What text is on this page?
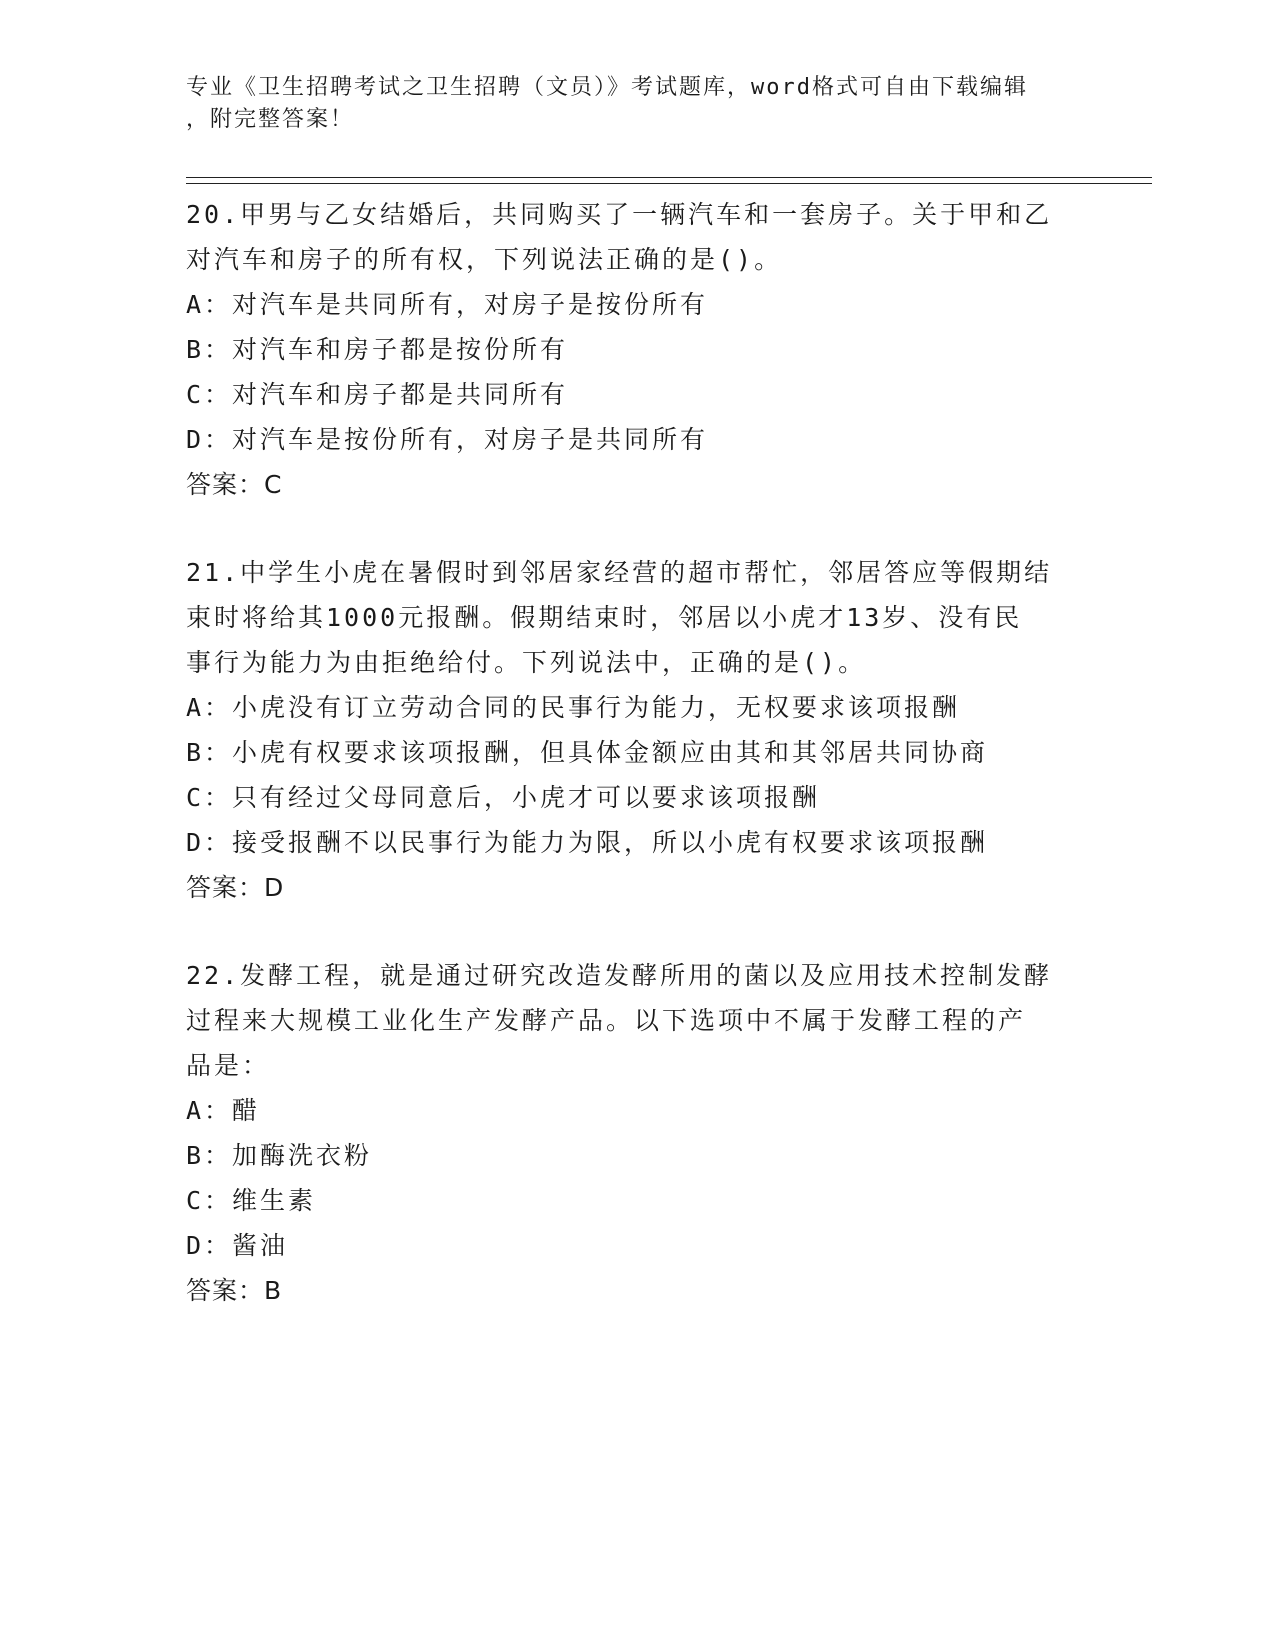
专业《卫生招聘考试之卫生招聘（文员）》考试题库，word格式可自由下载编辑
，附完整答案！

20.甲男与乙女结婚后，共同购买了一辆汽车和一套房子。关于甲和乙

对汽车和房子的所有权，下列说法正确的是()。

A：对汽车是共同所有，对房子是按份所有

B：对汽车和房子都是按份所有

C：对汽车和房子都是共同所有

D：对汽车是按份所有，对房子是共同所有

答案：C

21.中学生小虎在暑假时到邻居家经营的超市帮忙，邻居答应等假期结

束时将给其1000元报酬。假期结束时，邻居以小虎才13岁、没有民

事行为能力为由拒绝给付。下列说法中，正确的是()。

A：小虎没有订立劳动合同的民事行为能力，无权要求该项报酬

B：小虎有权要求该项报酬，但具体金额应由其和其邻居共同协商

C：只有经过父母同意后，小虎才可以要求该项报酬

D：接受报酬不以民事行为能力为限，所以小虎有权要求该项报酬

答案：D

22.发酵工程，就是通过研究改造发酵所用的菌以及应用技术控制发酵

过程来大规模工业化生产发酵产品。以下选项中不属于发酵工程的产

品是：

A：醋

B：加酶洗衣粉

C：维生素

D：酱油

答案：B
